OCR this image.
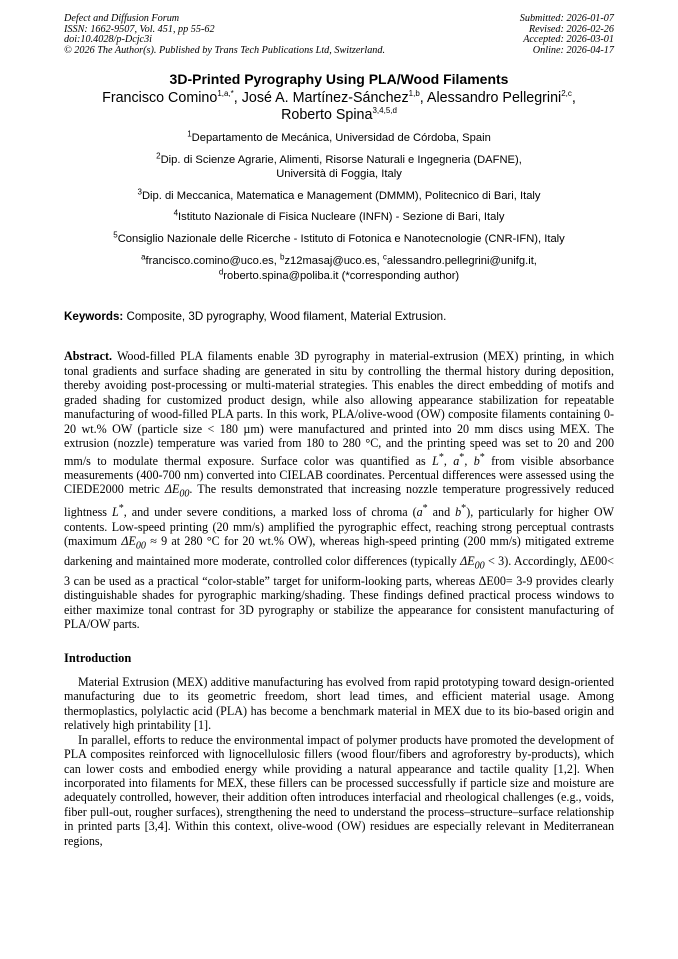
Defect and Diffusion Forum
ISSN: 1662-9507, Vol. 451, pp 55-62
doi:10.4028/p-Dcjc3i
© 2026 The Author(s). Published by Trans Tech Publications Ltd, Switzerland.
Submitted: 2026-01-07
Revised: 2026-02-26
Accepted: 2026-03-01
Online: 2026-04-17
3D-Printed Pyrography Using PLA/Wood Filaments
Francisco Comino$^{1,a,*}$, José A. Martínez-Sánchez$^{1,b}$, Alessandro Pellegrini$^{2,c}$,
Roberto Spina$^{3,4,5,d}$
$^1$Departamento de Mecánica, Universidad de Córdoba, Spain
$^2$Dip. di Scienze Agrarie, Alimenti, Risorse Naturali e Ingegneria (DAFNE),
Università di Foggia, Italy
$^3$Dip. di Meccanica, Matematica e Management (DMMM), Politecnico di Bari, Italy
$^4$Istituto Nazionale di Fisica Nucleare (INFN) - Sezione di Bari, Italy
$^5$Consiglio Nazionale delle Ricerche - Istituto di Fotonica e Nanotecnologie (CNR-IFN), Italy
$^a$francisco.comino@uco.es, $^b$z12masaj@uco.es, $^c$alessandro.pellegrini@unifg.it,
$^d$roberto.spina@poliba.it (*corresponding author)
Keywords: Composite, 3D pyrography, Wood filament, Material Extrusion.
Abstract. Wood-filled PLA filaments enable 3D pyrography in material-extrusion (MEX) printing, in which tonal gradients and surface shading are generated in situ by controlling the thermal history during deposition, thereby avoiding post-processing or multi-material strategies. This enables the direct embedding of motifs and graded shading for customized product design, while also allowing appearance stabilization for repeatable manufacturing of wood-filled PLA parts. In this work, PLA/olive-wood (OW) composite filaments containing 0-20 wt.% OW (particle size < 180 µm) were manufactured and printed into 20 mm discs using MEX. The extrusion (nozzle) temperature was varied from 180 to 280 °C, and the printing speed was set to 20 and 200 mm/s to modulate thermal exposure. Surface color was quantified as L*, a*, b* from visible absorbance measurements (400-700 nm) converted into CIELAB coordinates. Percentual differences were assessed using the CIEDE2000 metric $\Delta E_{00}$. The results demonstrated that increasing nozzle temperature progressively reduced lightness L*, and under severe conditions, a marked loss of chroma (a* and b*), particularly for higher OW contents. Low-speed printing (20 mm/s) amplified the pyrographic effect, reaching strong perceptual contrasts (maximum $\Delta E_{00} \approx 9$ at 280 °C for 20 wt.% OW), whereas high-speed printing (200 mm/s) mitigated extreme darkening and maintained more moderate, controlled color differences (typically $\Delta E_{00} < 3$). Accordingly, ΔE00< 3 can be used as a practical “color-stable” target for uniform-looking parts, whereas ΔE00= 3-9 provides clearly distinguishable shades for pyrographic marking/shading. These findings defined practical process windows to either maximize tonal contrast for 3D pyrography or stabilize the appearance for consistent manufacturing of PLA/OW parts.
Introduction

Material Extrusion (MEX) additive manufacturing has evolved from rapid prototyping toward design-oriented manufacturing due to its geometric freedom, short lead times, and efficient material usage. Among thermoplastics, polylactic acid (PLA) has become a benchmark material in MEX due to its bio-based origin and relatively high printability [1].

In parallel, efforts to reduce the environmental impact of polymer products have promoted the development of PLA composites reinforced with lignocellulosic fillers (wood flour/fibers and agroforestry by-products), which can lower costs and embodied energy while providing a natural appearance and tactile quality [1,2]. When incorporated into filaments for MEX, these fillers can be processed successfully if particle size and moisture are adequately controlled, however, their addition often introduces interfacial and rheological challenges (e.g., voids, fiber pull-out, rougher surfaces), strengthening the need to understand the process–structure–surface relationship in printed parts [3,4]. Within this context, olive-wood (OW) residues are especially relevant in Mediterranean regions,
